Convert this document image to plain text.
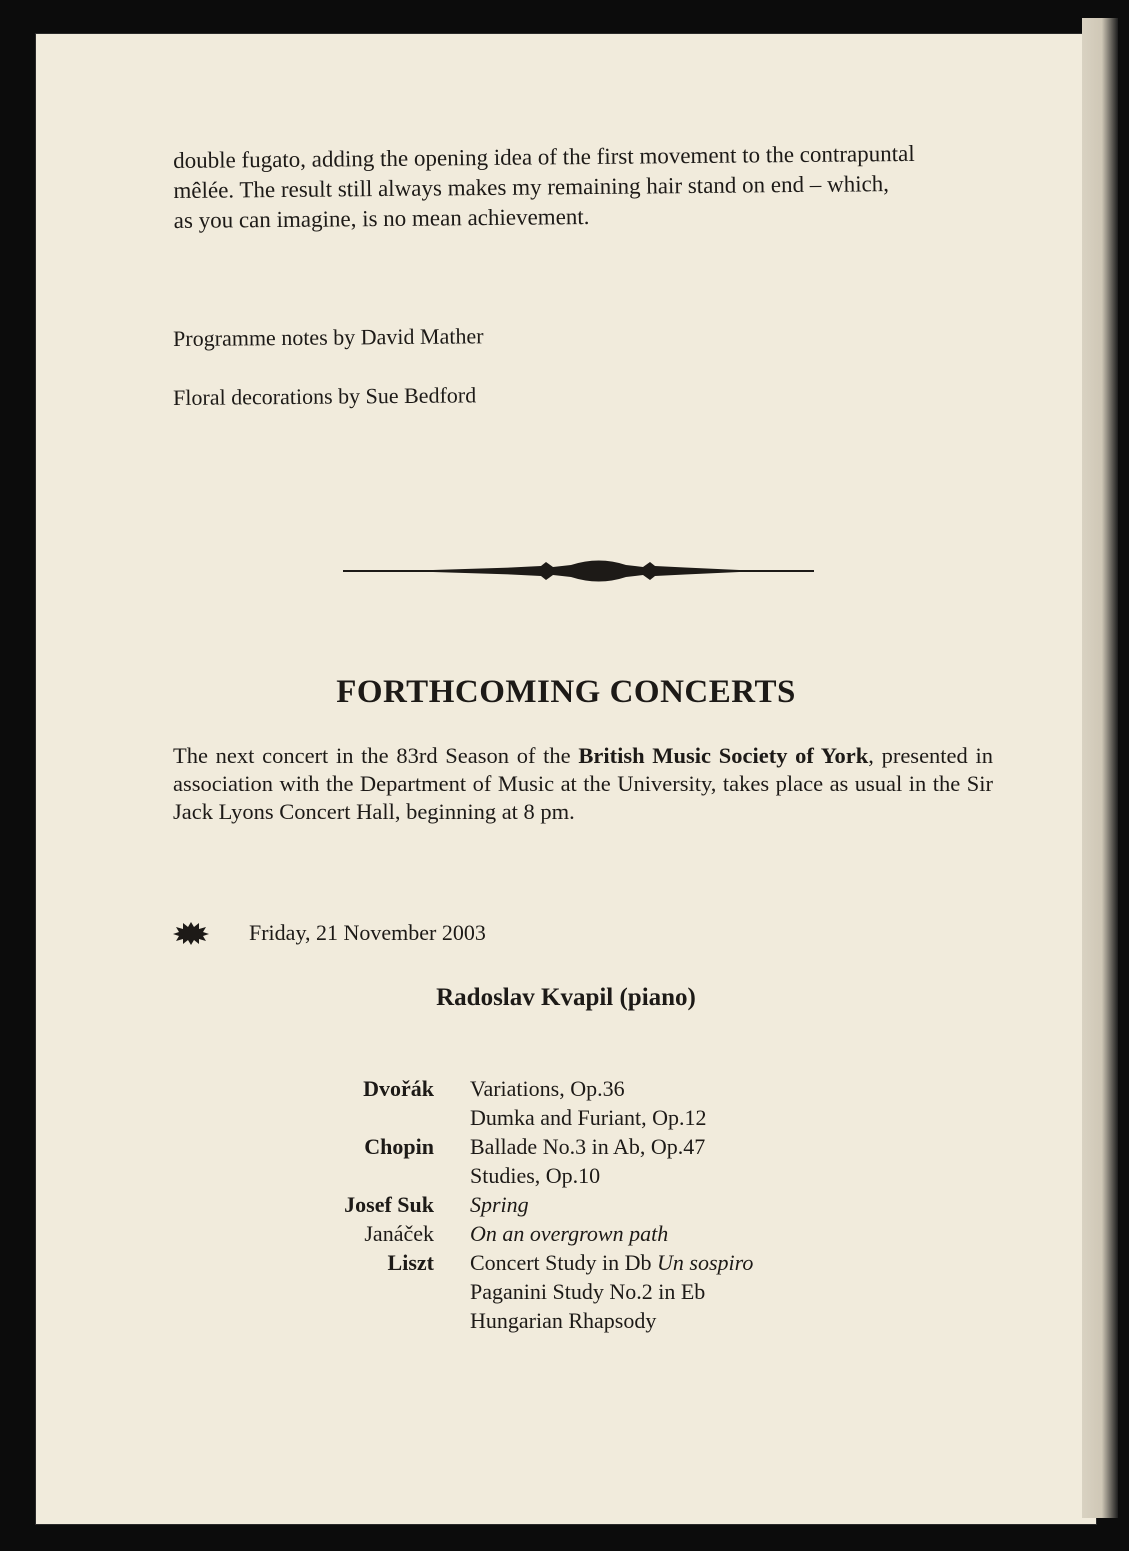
double fugato, adding the opening idea of the first movement to the contrapuntal
mêlée. The result still always makes my remaining hair stand on end – which,
as you can imagine, is no mean achievement.
Programme notes by David Mather
Floral decorations by Sue Bedford
FORTHCOMING CONCERTS
The next concert in the 83rd Season of the British Music Society of York, presented in association with the Department of Music at the University, takes place as usual in the Sir Jack Lyons Concert Hall, beginning at 8 pm.
Friday, 21 November 2003
Radoslav Kvapil (piano)
Dvořák Variations, Op.36
Dumka and Furiant, Op.12
Chopin Ballade No.3 in Ab, Op.47
Studies, Op.10
Josef Suk Spring
Janáček On an overgrown path
Liszt Concert Study in Db Un sospiro
Paganini Study No.2 in Eb
Hungarian Rhapsody
